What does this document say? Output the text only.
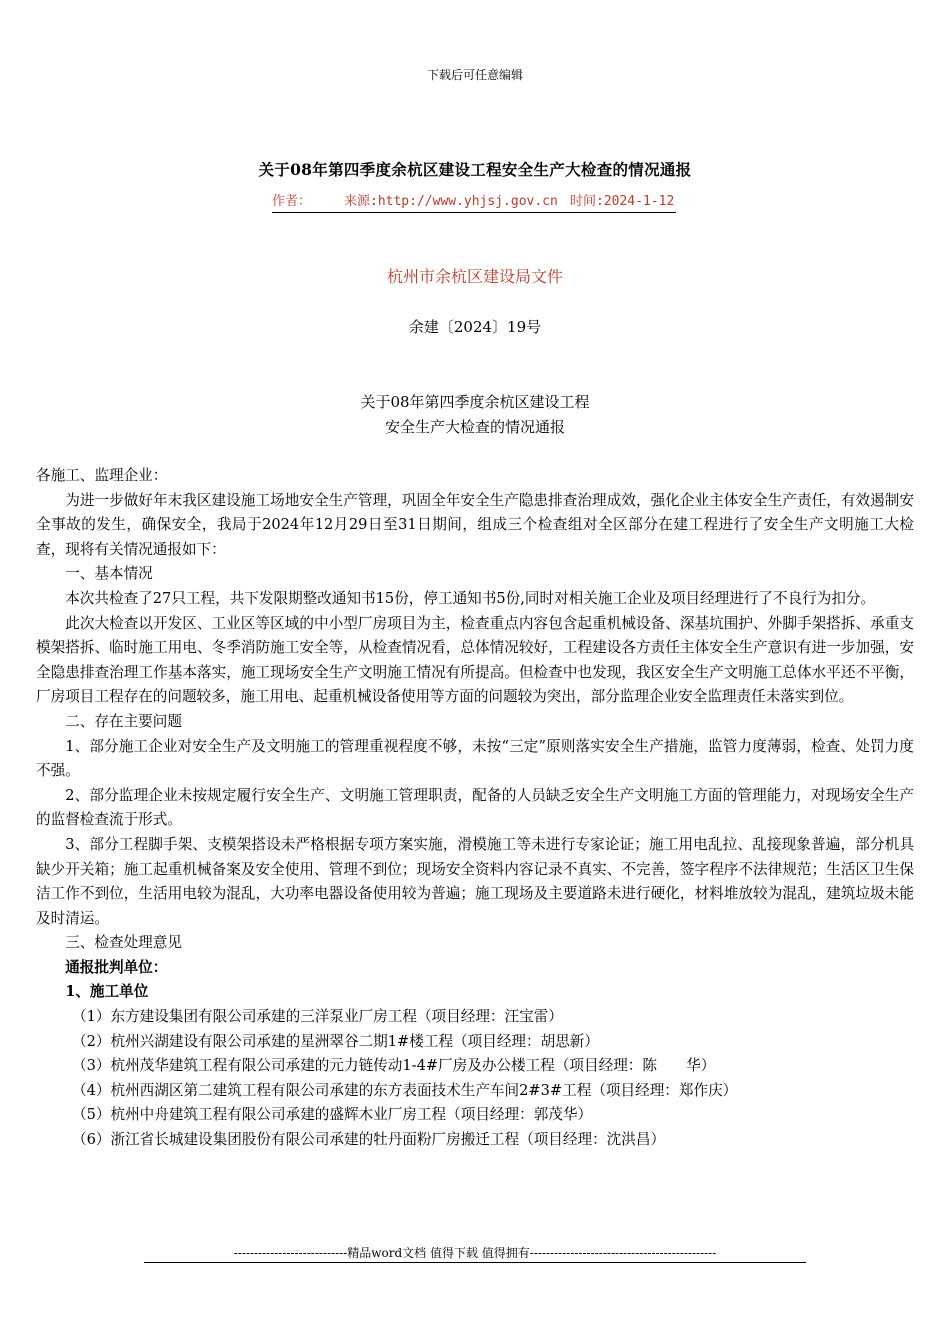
下载后可任意编辑
关于08年第四季度余杭区建设工程安全生产大检查的情况通报
作者：	来源:http://www.yhjsj.gov.cn 时间:2024-1-12
杭州市余杭区建设局文件
余建〔2024〕19号
关于08年第四季度余杭区建设工程
安全生产大检查的情况通报

各施工、监理企业：

为进一步做好年末我区建设施工场地安全生产管理，巩固全年安全生产隐患排查治理成效，强化企业主体安全生产责任，有效遏制安全事故的发生，确保安全，我局于2024年12月29日至31日期间，组成三个检查组对全区部分在建工程进行了安全生产文明施工大检查，现将有关情况通报如下：

一、基本情况

本次共检查了27只工程，共下发限期整改通知书15份，停工通知书5份,同时对相关施工企业及项目经理进行了不良行为扣分。

此次大检查以开发区、工业区等区域的中小型厂房项目为主，检查重点内容包含起重机械设备、深基坑围护、外脚手架搭拆、承重支模架搭拆、临时施工用电、冬季消防施工安全等，从检查情况看，总体情况较好，工程建设各方责任主体安全生产意识有进一步加强，安全隐患排查治理工作基本落实，施工现场安全生产文明施工情况有所提高。但检查中也发现，我区安全生产文明施工总体水平还不平衡，厂房项目工程存在的问题较多，施工用电、起重机械设备使用等方面的问题较为突出，部分监理企业安全监理责任未落实到位。

二、存在主要问题

1、部分施工企业对安全生产及文明施工的管理重视程度不够，未按“三定”原则落实安全生产措施，监管力度薄弱，检查、处罚力度不强。

2、部分监理企业未按规定履行安全生产、文明施工管理职责，配备的人员缺乏安全生产文明施工方面的管理能力，对现场安全生产的监督检查流于形式。

3、部分工程脚手架、支模架搭设未严格根据专项方案实施，滑模施工等未进行专家论证；施工用电乱拉、乱接现象普遍，部分机具缺少开关箱；施工起重机械备案及安全使用、管理不到位；现场安全资料内容记录不真实、不完善，签字程序不法律规范；生活区卫生保洁工作不到位，生活用电较为混乱，大功率电器设备使用较为普遍；施工现场及主要道路未进行硬化，材料堆放较为混乱，建筑垃圾未能及时清运。

三、检查处理意见

通报批判单位：

1、施工单位

（1）东方建设集团有限公司承建的三洋泵业厂房工程（项目经理：汪宝雷）

（2）杭州兴湖建设有限公司承建的星洲翠谷二期1#楼工程（项目经理：胡思新）

（3）杭州茂华建筑工程有限公司承建的元力链传动1-4#厂房及办公楼工程（项目经理：陈　　华）

（4）杭州西湖区第二建筑工程有限公司承建的东方表面技术生产车间2#3#工程（项目经理：郑作庆）

（5）杭州中舟建筑工程有限公司承建的盛辉木业厂房工程（项目经理：郭茂华）

（6）浙江省长城建设集团股份有限公司承建的牡丹面粉厂房搬迁工程（项目经理：沈洪昌）

----------------------------精品word文档 值得下载 值得拥有----------------------------------------------
